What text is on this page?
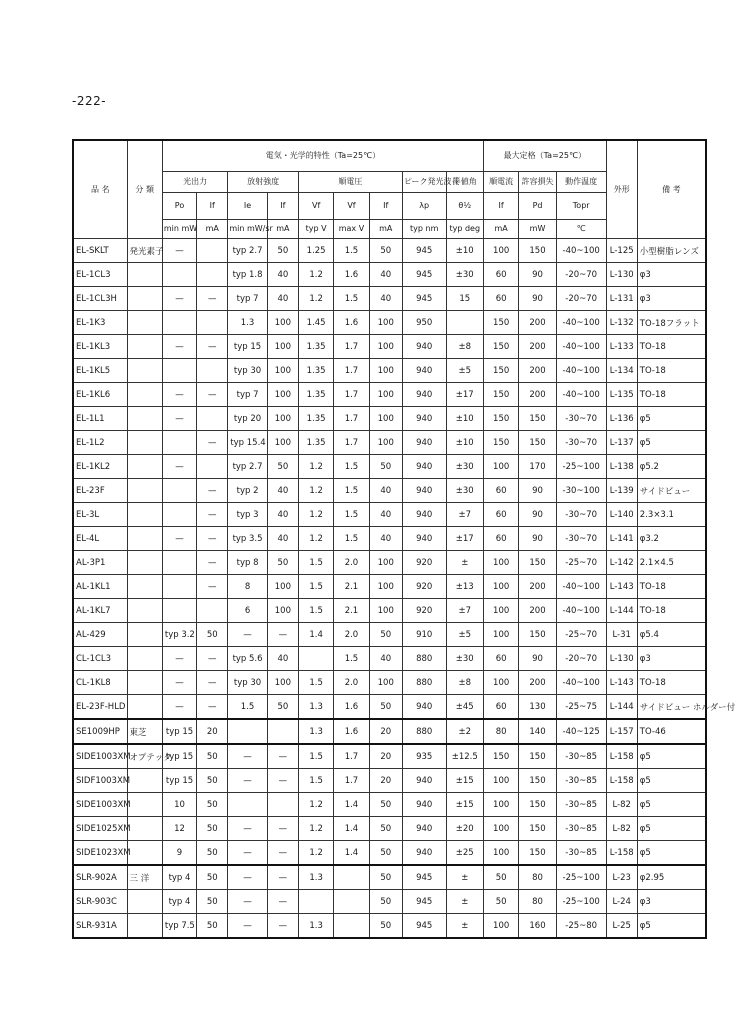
-222-
品 名	分 類	電気・光学的特性（Ta=25℃）									最大定格（Ta=25℃）			外形	備 考
		光出力		放射強度		順電圧			ピーク発光波長	半値角	順電流	許容損失	動作温度		
		Po	If	Ie	If	Vf	Vf	If	λp	θ½	If	Pd	Topr		
		min mW	mA	min mW/sr	mA	typ V	max V	mA	typ nm	typ deg	mA	mW	℃		
EL-SKLT	発光素子	—		typ 2.7	50	1.25	1.5	50	945	±10	100	150	-40~100	L-125	小型樹脂レンズ
EL-1CL3				typ 1.8	40	1.2	1.6	40	945	±30	60	90	-20~70	L-130	φ3
EL-1CL3H		—	—	typ 7	40	1.2	1.5	40	945	15	60	90	-20~70	L-131	φ3
EL-1K3				1.3	100	1.45	1.6	100	950		150	200	-40~100	L-132	TO-18フラット
EL-1KL3		—	—	typ 15	100	1.35	1.7	100	940	±8	150	200	-40~100	L-133	TO-18
EL-1KL5				typ 30	100	1.35	1.7	100	940	±5	150	200	-40~100	L-134	TO-18
EL-1KL6		—	—	typ 7	100	1.35	1.7	100	940	±17	150	200	-40~100	L-135	TO-18
EL-1L1		—		typ 20	100	1.35	1.7	100	940	±10	150	150	-30~70	L-136	φ5
EL-1L2			—	typ 15.4	100	1.35	1.7	100	940	±10	150	150	-30~70	L-137	φ5
EL-1KL2		—		typ 2.7	50	1.2	1.5	50	940	±30	100	170	-25~100	L-138	φ5.2
EL-23F			—	typ 2	40	1.2	1.5	40	940	±30	60	90	-30~100	L-139	サイドビュー
EL-3L			—	typ 3	40	1.2	1.5	40	940	±7	60	90	-30~70	L-140	2.3×3.1
EL-4L		—	—	typ 3.5	40	1.2	1.5	40	940	±17	60	90	-30~70	L-141	φ3.2
AL-3P1			—	typ 8	50	1.5	2.0	100	920	±	100	150	-25~70	L-142	2.1×4.5
AL-1KL1			—	8	100	1.5	2.1	100	920	±13	100	200	-40~100	L-143	TO-18
AL-1KL7				6	100	1.5	2.1	100	920	±7	100	200	-40~100	L-144	TO-18
AL-429		typ 3.2	50	—	—	1.4	2.0	50	910	±5	100	150	-25~70	L-31	φ5.4
CL-1CL3		—	—	typ 5.6	40		1.5	40	880	±30	60	90	-20~70	L-130	φ3
CL-1KL8		—	—	typ 30	100	1.5	2.0	100	880	±8	100	200	-40~100	L-143	TO-18
EL-23F-HLD		—	—	1.5	50	1.3	1.6	50	940	±45	60	130	-25~75	L-144	サイドビュー ホルダー付
SE1009HP	東芝	typ 15	20			1.3	1.6	20	880	±2	80	140	-40~125	L-157	TO-46
SIDE1003XM	オプテック	typ 15	50	—	—	1.5	1.7	20	935	±12.5	150	150	-30~85	L-158	φ5
SIDF1003XM		typ 15	50	—	—	1.5	1.7	20	940	±15	100	150	-30~85	L-158	φ5
SIDE1003XM		10	50			1.2	1.4	50	940	±15	100	150	-30~85	L-82	φ5
SIDE1025XM		12	50	—	—	1.2	1.4	50	940	±20	100	150	-30~85	L-82	φ5
SIDE1023XM		9	50	—	—	1.2	1.4	50	940	±25	100	150	-30~85	L-158	φ5
SLR-902A	三 洋	typ 4	50	—	—	1.3		50	945	±	50	80	-25~100	L-23	φ2.95
SLR-903C		typ 4	50	—	—			50	945	±	50	80	-25~100	L-24	φ3
SLR-931A		typ 7.5	50	—	—	1.3		50	945	±	100	160	-25~80	L-25	φ5
